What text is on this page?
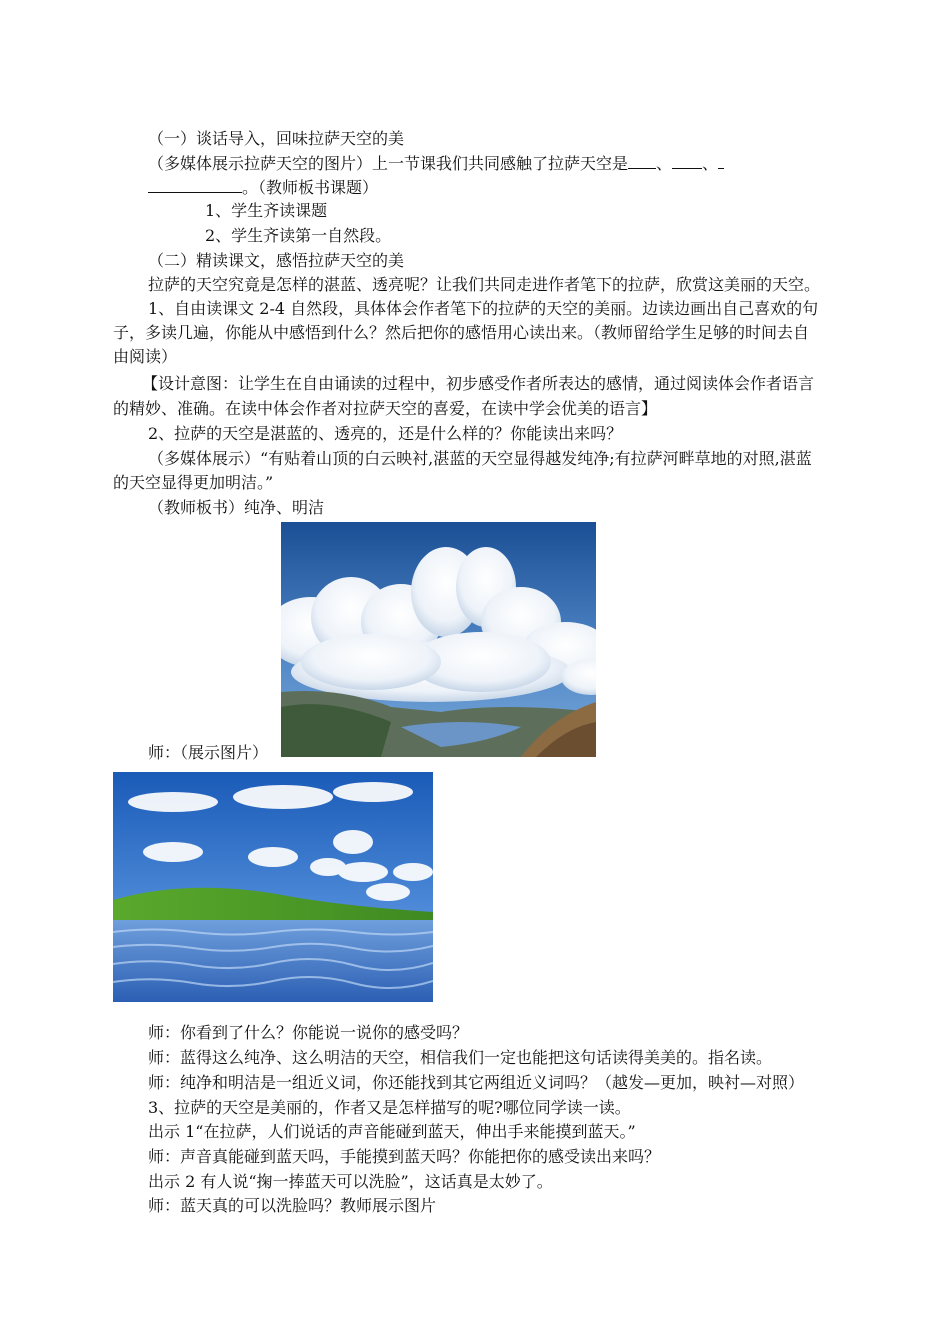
（一）谈话导入，回味拉萨天空的美
（多媒体展示拉萨天空的图片）上一节课我们共同感触了拉萨天空是 、 、
。（教师板书课题）
1、学生齐读课题
2、学生齐读第一自然段。
（二）精读课文，感悟拉萨天空的美
拉萨的天空究竟是怎样的湛蓝、透亮呢？让我们共同走进作者笔下的拉萨，欣赏这美丽的天空。
1、自由读课文 2-4 自然段，具体体会作者笔下的拉萨的天空的美丽。边读边画出自己喜欢的句
子，多读几遍，你能从中感悟到什么？然后把你的感悟用心读出来。（教师留给学生足够的时间去自
由阅读）
【设计意图：让学生在自由诵读的过程中，初步感受作者所表达的感情，通过阅读体会作者语言
的精妙、准确。在读中体会作者对拉萨天空的喜爱，在读中学会优美的语言】
2、拉萨的天空是湛蓝的、透亮的，还是什么样的？你能读出来吗？
（多媒体展示）“有贴着山顶的白云映衬,湛蓝的天空显得越发纯净;有拉萨河畔草地的对照,湛蓝
的天空显得更加明洁。”
（教师板书）纯净、明洁
师：（展示图片）
师：你看到了什么？你能说一说你的感受吗？
师：蓝得这么纯净、这么明洁的天空，相信我们一定也能把这句话读得美美的。指名读。
师：纯净和明洁是一组近义词，你还能找到其它两组近义词吗？（越发—更加，映衬—对照）
3、拉萨的天空是美丽的，作者又是怎样描写的呢?哪位同学读一读。
出示 1“在拉萨，人们说话的声音能碰到蓝天，伸出手来能摸到蓝天。”
师：声音真能碰到蓝天吗，手能摸到蓝天吗？你能把你的感受读出来吗？
出示 2 有人说“掬一捧蓝天可以洗脸”，这话真是太妙了。
师：蓝天真的可以洗脸吗？教师展示图片
